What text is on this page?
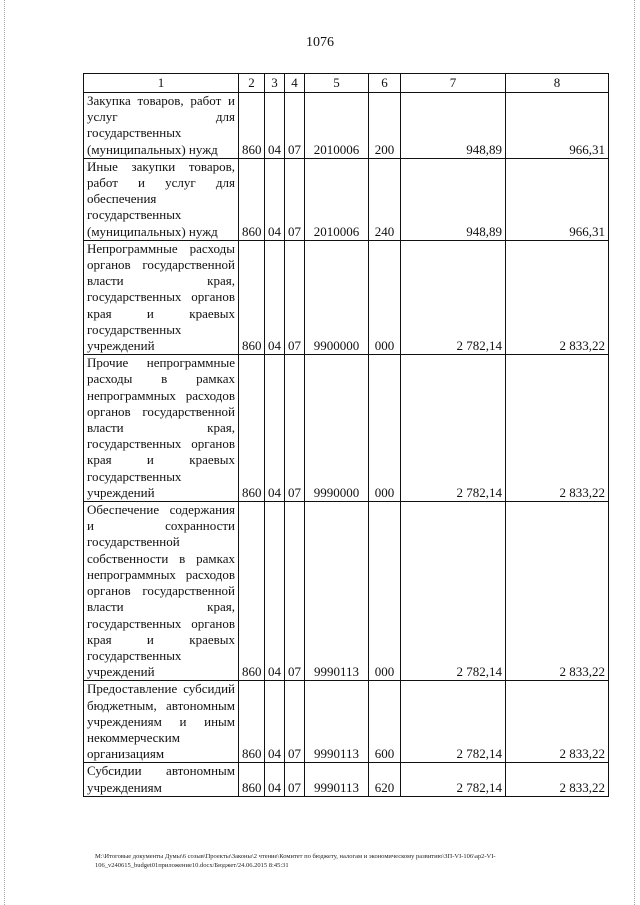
1076
1	2	3	4	5	6	7	8
Закупка товаров, работ и услуг для государственных (муниципальных) нужд	860	04	07	2010006	200	948,89	966,31
Иные закупки товаров, работ и услуг для обеспечения государственных (муниципальных) нужд	860	04	07	2010006	240	948,89	966,31
Непрограммные расходы органов государственной власти края, государственных органов края и краевых государственных учреждений	860	04	07	9900000	000	2 782,14	2 833,22
Прочие непрограммные расходы в рамках непрограммных расходов органов государственной власти края, государственных органов края и краевых государственных учреждений	860	04	07	9990000	000	2 782,14	2 833,22
Обеспечение содержания и сохранности государственной собственности в рамках непрограммных расходов органов государственной власти края, государственных органов края и краевых государственных учреждений	860	04	07	9990113	000	2 782,14	2 833,22
Предоставление субсидий бюджетным, автономным учреждениям и иным некоммерческим организациям	860	04	07	9990113	600	2 782,14	2 833,22
Субсидии автономным учреждениям	860	04	07	9990113	620	2 782,14	2 833,22
M:\Итоговые документы Думы\6 созыв\Проекты\Законы\2 чтение\Комитет по бюджету, налогам и экономическому развитию\ЗП-VI-106\ар2-VI-106_v240615_budget01приложение10.docx/Бюджет/24.06.2015 8:45:31
